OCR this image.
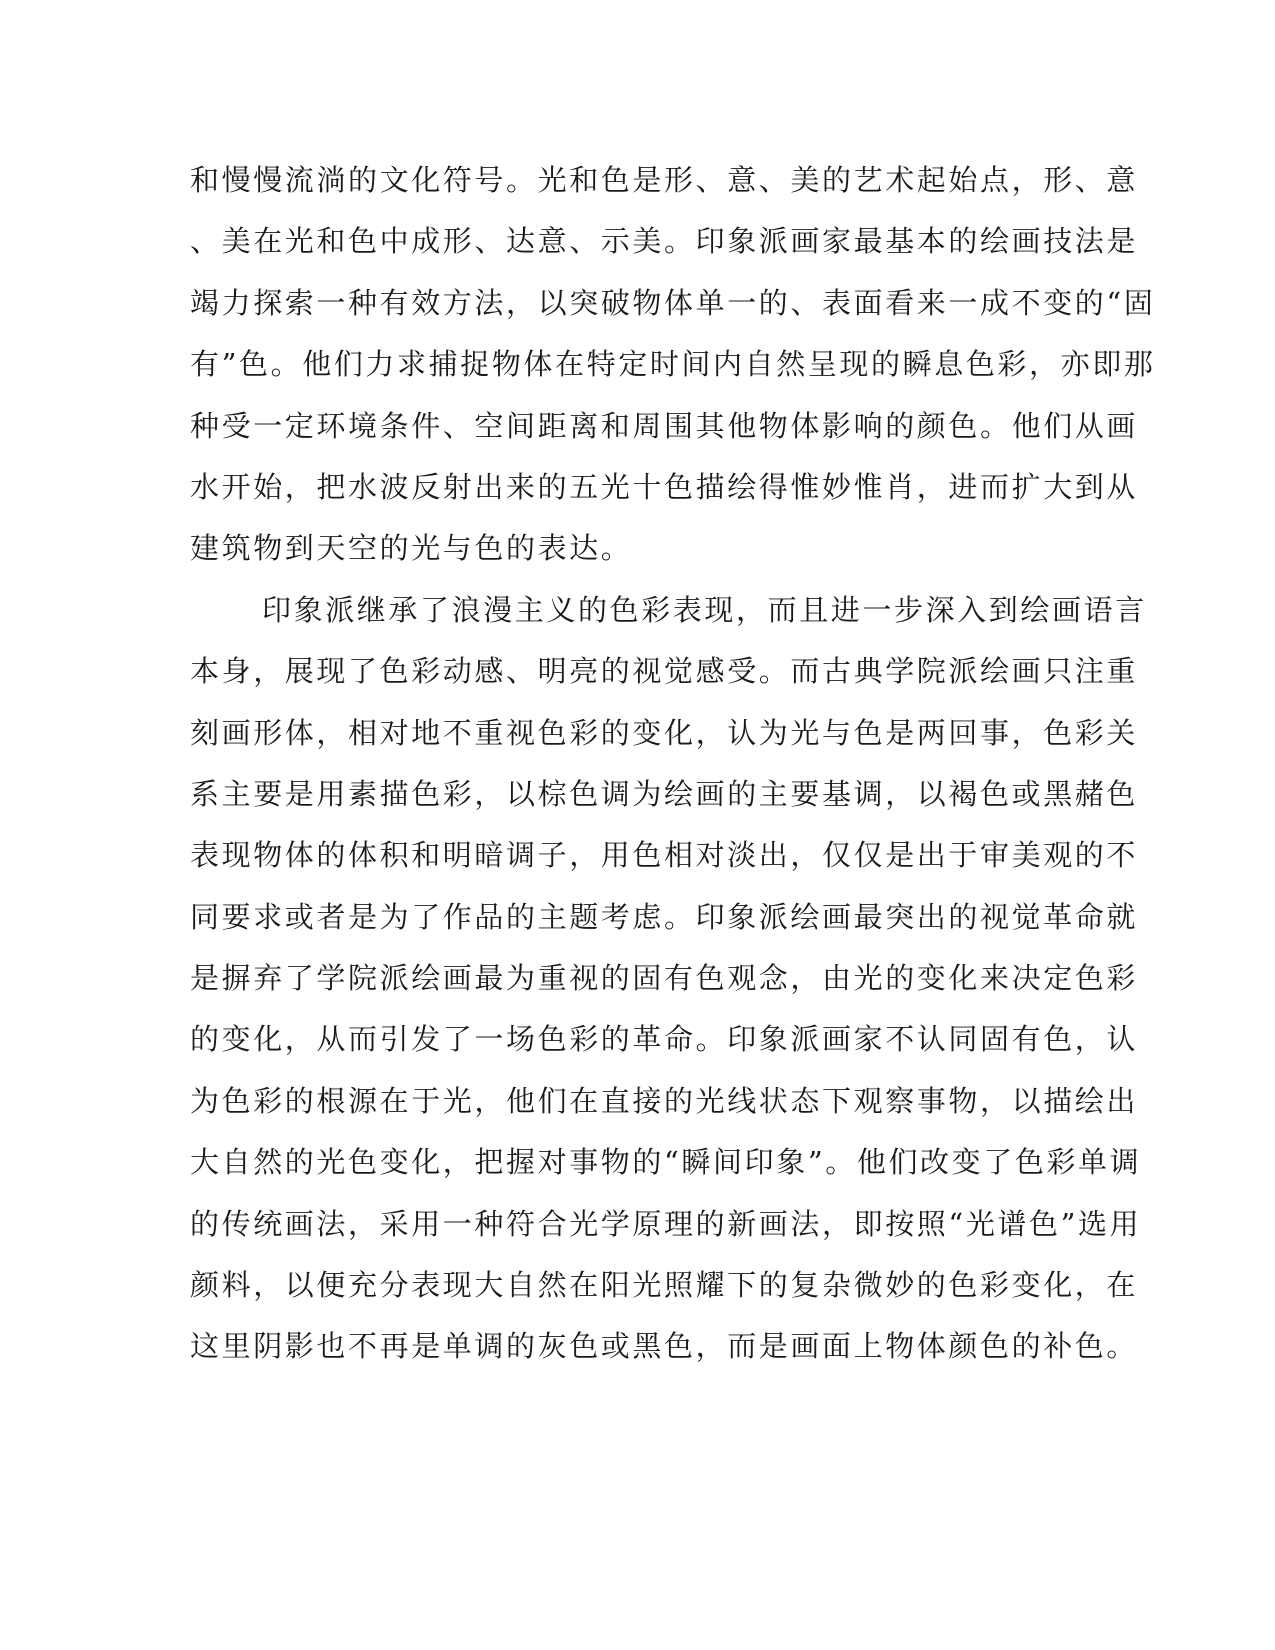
和慢慢流淌的文化符号。光和色是形、意、美的艺术起始点，形、意
、美在光和色中成形、达意、示美。印象派画家最基本的绘画技法是
竭力探索一种有效方法，以突破物体单一的、表面看来一成不变的“固
有”色。他们力求捕捉物体在特定时间内自然呈现的瞬息色彩，亦即那
种受一定环境条件、空间距离和周围其他物体影响的颜色。他们从画
水开始，把水波反射出来的五光十色描绘得惟妙惟肖，进而扩大到从
建筑物到天空的光与色的表达。
印象派继承了浪漫主义的色彩表现，而且进一步深入到绘画语言
本身，展现了色彩动感、明亮的视觉感受。而古典学院派绘画只注重
刻画形体，相对地不重视色彩的变化，认为光与色是两回事，色彩关
系主要是用素描色彩，以棕色调为绘画的主要基调，以褐色或黑赭色
表现物体的体积和明暗调子，用色相对淡出，仅仅是出于审美观的不
同要求或者是为了作品的主题考虑。印象派绘画最突出的视觉革命就
是摒弃了学院派绘画最为重视的固有色观念，由光的变化来决定色彩
的变化，从而引发了一场色彩的革命。印象派画家不认同固有色，认
为色彩的根源在于光，他们在直接的光线状态下观察事物，以描绘出
大自然的光色变化，把握对事物的“瞬间印象”。他们改变了色彩单调
的传统画法，采用一种符合光学原理的新画法，即按照“光谱色”选用
颜料，以便充分表现大自然在阳光照耀下的复杂微妙的色彩变化，在
这里阴影也不再是单调的灰色或黑色，而是画面上物体颜色的补色。
